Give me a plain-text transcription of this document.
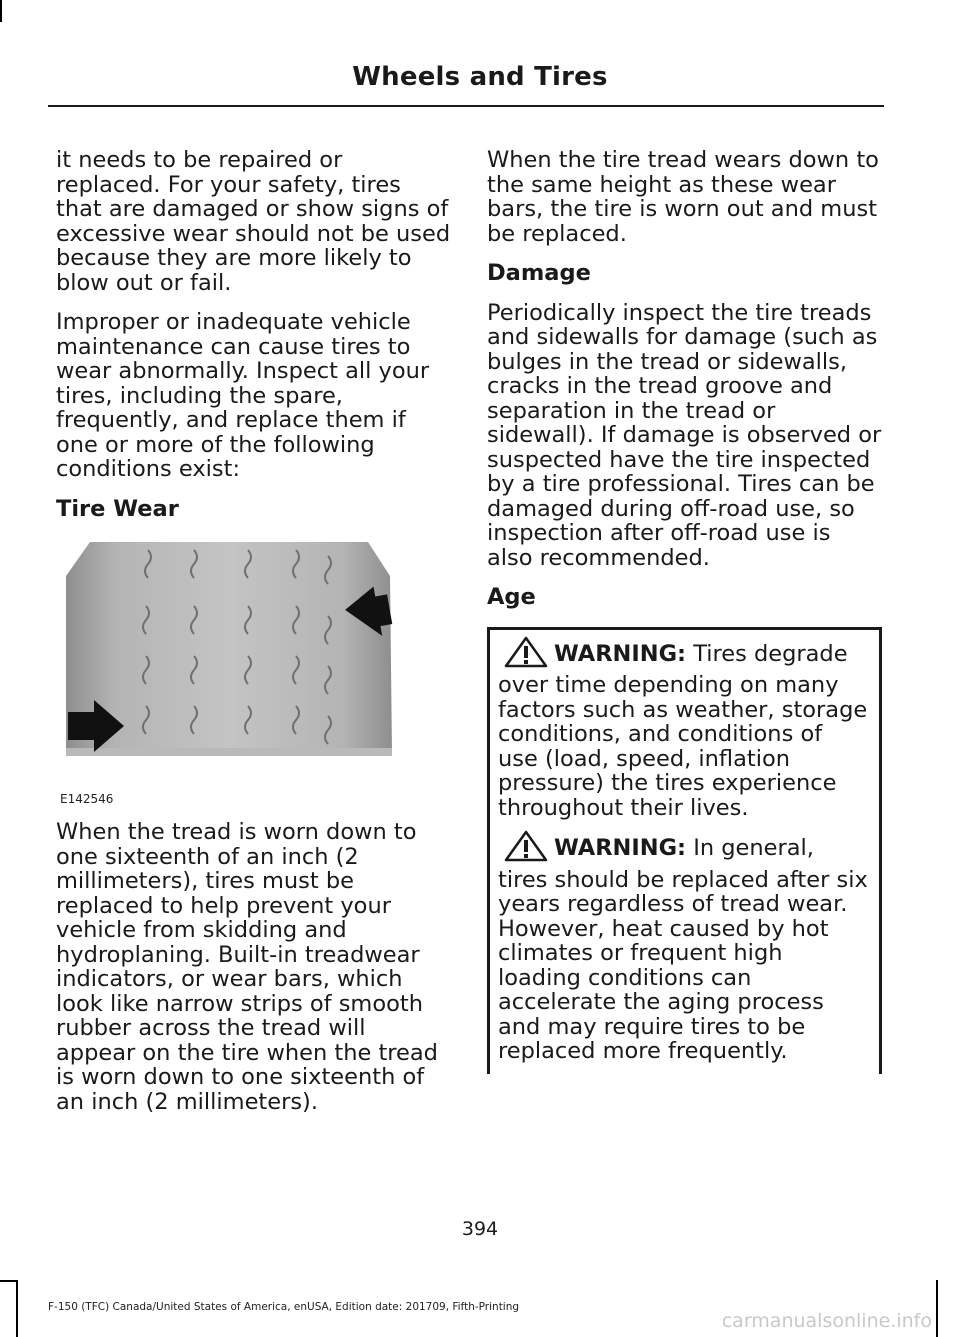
Wheels and Tires

it needs to be repaired or replaced. For your safety, tires that are damaged or show signs of excessive wear should not be used because they are more likely to blow out or fail.

Improper or inadequate vehicle maintenance can cause tires to wear abnormally. Inspect all your tires, including the spare, frequently, and replace them if one or more of the following conditions exist:

Tire Wear
E142546

When the tread is worn down to one sixteenth of an inch (2 millimeters), tires must be replaced to help prevent your vehicle from skidding and hydroplaning. Built-in treadwear indicators, or wear bars, which look like narrow strips of smooth rubber across the tread will appear on the tire when the tread is worn down to one sixteenth of an inch (2 millimeters).

When the tire tread wears down to the same height as these wear bars, the tire is worn out and must be replaced.

Damage

Periodically inspect the tire treads and sidewalls for damage (such as bulges in the tread or sidewalls, cracks in the tread groove and separation in the tread or sidewall). If damage is observed or suspected have the tire inspected by a tire professional. Tires can be damaged during off-road use, so inspection after off-road use is also recommended.

Age
WARNING: Tires degrade over time depending on many factors such as weather, storage conditions, and conditions of use (load, speed, inflation pressure) the tires experience throughout their lives.
WARNING: In general, tires should be replaced after six years regardless of tread wear. However, heat caused by hot climates or frequent high loading conditions can accelerate the aging process and may require tires to be replaced more frequently.

394

F-150 (TFC) Canada/United States of America, enUSA, Edition date: 201709, Fifth-Printing

carmanualsonline.info
